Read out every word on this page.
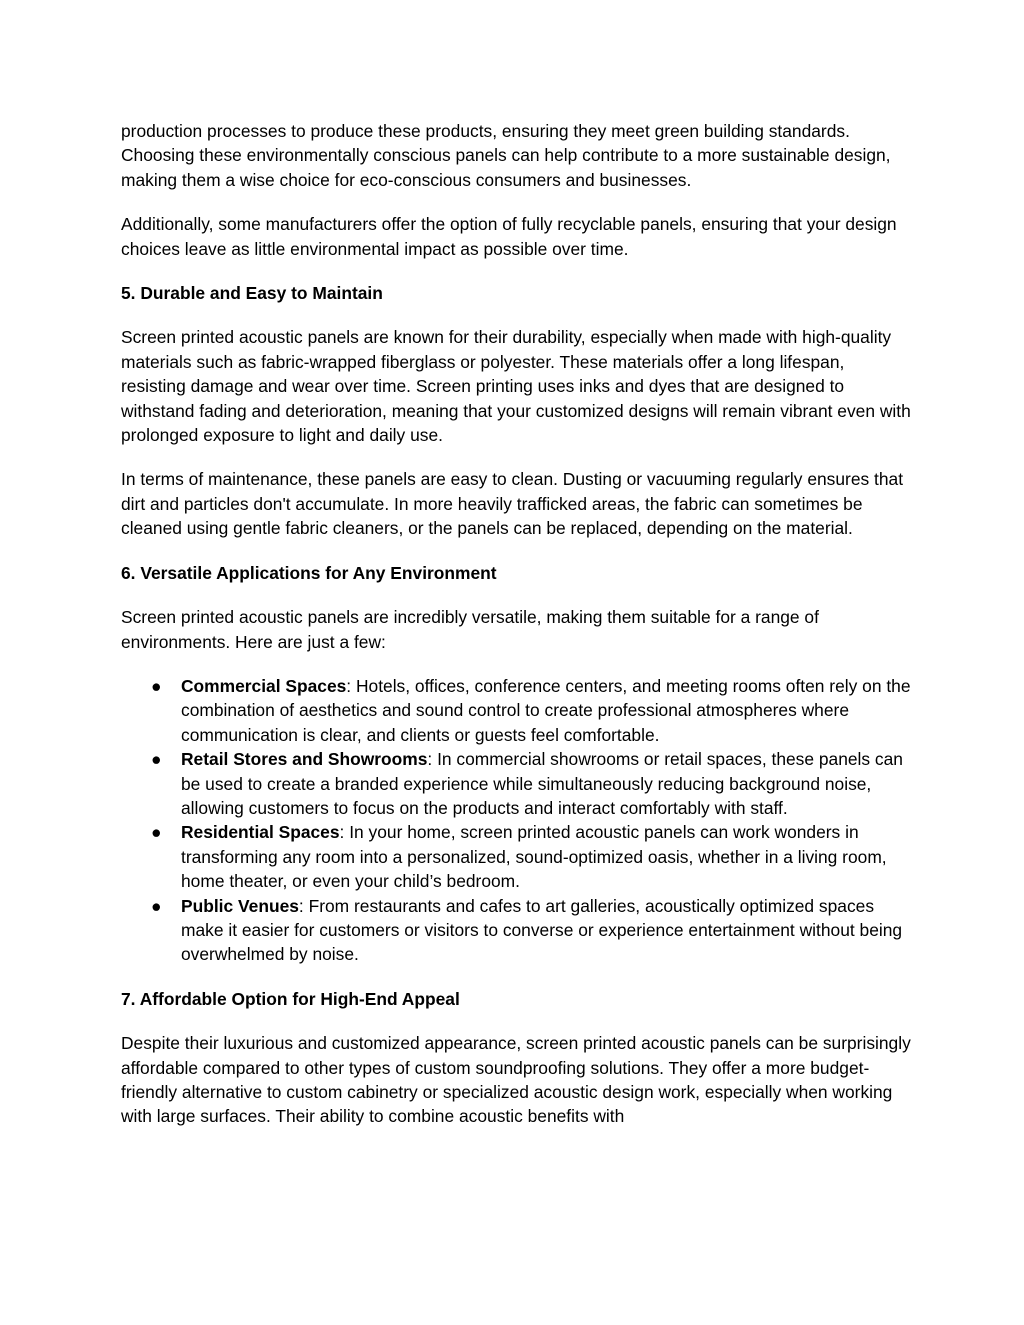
production processes to produce these products, ensuring they meet green building standards. Choosing these environmentally conscious panels can help contribute to a more sustainable design, making them a wise choice for eco-conscious consumers and businesses.

Additionally, some manufacturers offer the option of fully recyclable panels, ensuring that your design choices leave as little environmental impact as possible over time.

5. Durable and Easy to Maintain

Screen printed acoustic panels are known for their durability, especially when made with high-quality materials such as fabric-wrapped fiberglass or polyester. These materials offer a long lifespan, resisting damage and wear over time. Screen printing uses inks and dyes that are designed to withstand fading and deterioration, meaning that your customized designs will remain vibrant even with prolonged exposure to light and daily use.

In terms of maintenance, these panels are easy to clean. Dusting or vacuuming regularly ensures that dirt and particles don't accumulate. In more heavily trafficked areas, the fabric can sometimes be cleaned using gentle fabric cleaners, or the panels can be replaced, depending on the material.

6. Versatile Applications for Any Environment

Screen printed acoustic panels are incredibly versatile, making them suitable for a range of environments. Here are just a few:

● Commercial Spaces: Hotels, offices, conference centers, and meeting rooms often rely on the combination of aesthetics and sound control to create professional atmospheres where communication is clear, and clients or guests feel comfortable.
● Retail Stores and Showrooms: In commercial showrooms or retail spaces, these panels can be used to create a branded experience while simultaneously reducing background noise, allowing customers to focus on the products and interact comfortably with staff.
● Residential Spaces: In your home, screen printed acoustic panels can work wonders in transforming any room into a personalized, sound-optimized oasis, whether in a living room, home theater, or even your child’s bedroom.
● Public Venues: From restaurants and cafes to art galleries, acoustically optimized spaces make it easier for customers or visitors to converse or experience entertainment without being overwhelmed by noise.
7. Affordable Option for High-End Appeal

Despite their luxurious and customized appearance, screen printed acoustic panels can be surprisingly affordable compared to other types of custom soundproofing solutions. They offer a more budget-friendly alternative to custom cabinetry or specialized acoustic design work, especially when working with large surfaces. Their ability to combine acoustic benefits with
